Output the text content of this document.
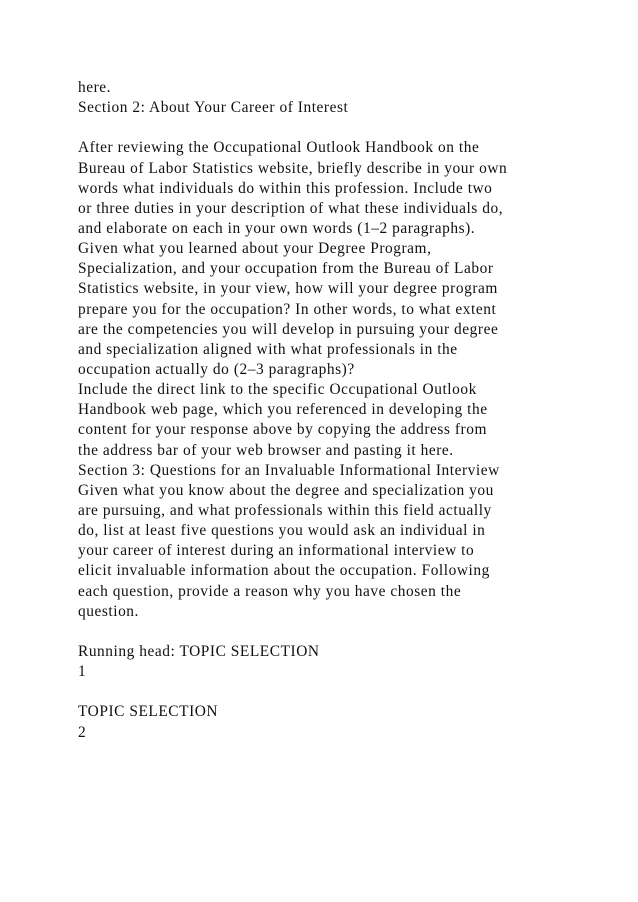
here.
Section 2: About Your Career of Interest
After reviewing the Occupational Outlook Handbook on the
Bureau of Labor Statistics website, briefly describe in your own
words what individuals do within this profession. Include two
or three duties in your description of what these individuals do,
and elaborate on each in your own words (1–2 paragraphs).
Given what you learned about your Degree Program,
Specialization, and your occupation from the Bureau of Labor
Statistics website, in your view, how will your degree program
prepare you for the occupation? In other words, to what extent
are the competencies you will develop in pursuing your degree
and specialization aligned with what professionals in the
occupation actually do (2–3 paragraphs)?
Include the direct link to the specific Occupational Outlook
Handbook web page, which you referenced in developing the
content for your response above by copying the address from
the address bar of your web browser and pasting it here.
Section 3: Questions for an Invaluable Informational Interview
Given what you know about the degree and specialization you
are pursuing, and what professionals within this field actually
do, list at least five questions you would ask an individual in
your career of interest during an informational interview to
elicit invaluable information about the occupation. Following
each question, provide a reason why you have chosen the
question.
Running head: TOPIC SELECTION
1
TOPIC SELECTION
2
